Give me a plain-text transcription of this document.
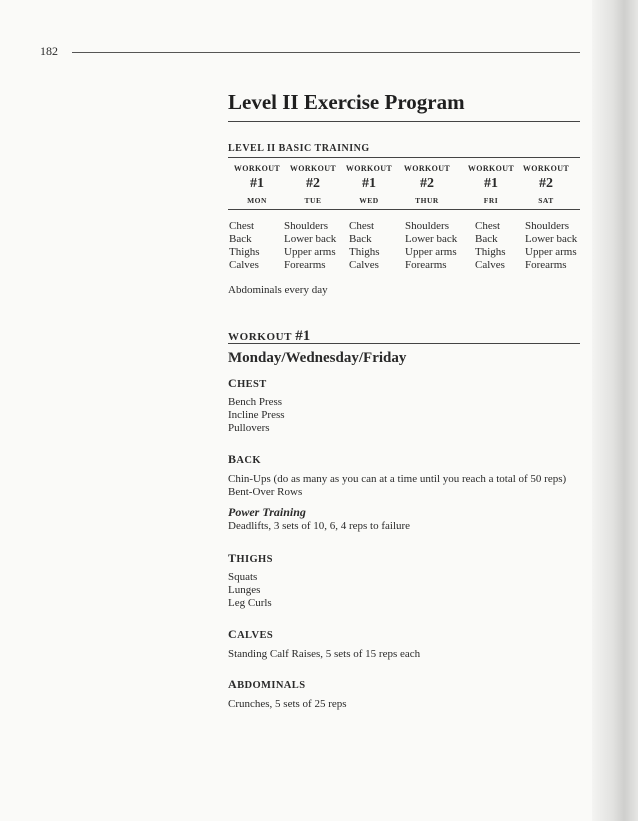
182
Level II Exercise Program
LEVEL II BASIC TRAINING
WORKOUT
#1
MON
WORKOUT
#2
TUE
WORKOUT
#1
WED
WORKOUT
#2
THUR
WORKOUT
#1
FRI
WORKOUT
#2
SAT
Chest
Back
Thighs
Calves
Shoulders
Lower back
Upper arms
Forearms
Chest
Back
Thighs
Calves
Shoulders
Lower back
Upper arms
Forearms
Chest
Back
Thighs
Calves
Shoulders
Lower back
Upper arms
Forearms
Abdominals every day
WORKOUT #1
Monday/Wednesday/Friday
CHEST
Bench Press
Incline Press
Pullovers
BACK
Chin-Ups (do as many as you can at a time until you reach a total of 50 reps)
Bent-Over Rows
Power Training
Deadlifts, 3 sets of 10, 6, 4 reps to failure
THIGHS
Squats
Lunges
Leg Curls
CALVES
Standing Calf Raises, 5 sets of 15 reps each
ABDOMINALS
Crunches, 5 sets of 25 reps
